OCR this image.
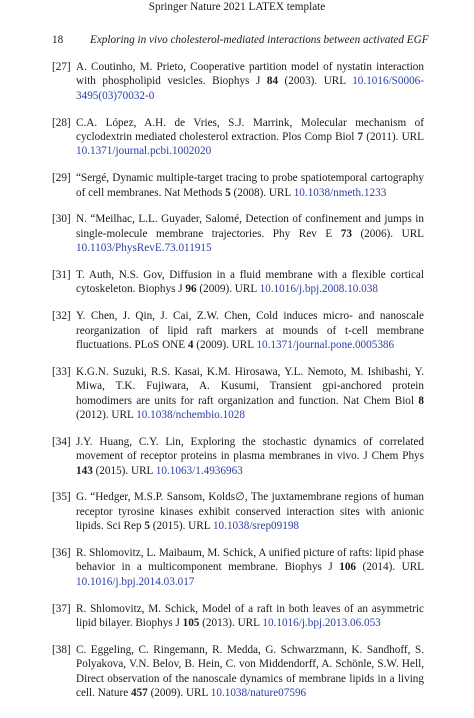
Springer Nature 2021 LATEX template
18 Exploring in vivo cholesterol-mediated interactions between activated EGF
[27] A. Coutinho, M. Prieto, Cooperative partition model of nystatin interaction with phospholipid vesicles. Biophys J 84 (2003). URL 10.1016/S0006-3495(03)70032-0
[28] C.A. López, A.H. de Vries, S.J. Marrink, Molecular mechanism of cyclodextrin mediated cholesterol extraction. Plos Comp Biol 7 (2011). URL 10.1371/journal.pcbi.1002020
[29] “Sergé, Dynamic multiple-target tracing to probe spatiotemporal cartography of cell membranes. Nat Methods 5 (2008). URL 10.1038/nmeth.1233
[30] N. “Meilhac, L.L. Guyader, Salomé, Detection of confinement and jumps in single-molecule membrane trajectories. Phy Rev E 73 (2006). URL 10.1103/PhysRevE.73.011915
[31] T. Auth, N.S. Gov, Diffusion in a fluid membrane with a flexible cortical cytoskeleton. Biophys J 96 (2009). URL 10.1016/j.bpj.2008.10.038
[32] Y. Chen, J. Qin, J. Cai, Z.W. Chen, Cold induces micro- and nanoscale reorganization of lipid raft markers at mounds of t-cell membrane fluctuations. PLoS ONE 4 (2009). URL 10.1371/journal.pone.0005386
[33] K.G.N. Suzuki, R.S. Kasai, K.M. Hirosawa, Y.L. Nemoto, M. Ishibashi, Y. Miwa, T.K. Fujiwara, A. Kusumi, Transient gpi-anchored protein homodimers are units for raft organization and function. Nat Chem Biol 8 (2012). URL 10.1038/nchembio.1028
[34] J.Y. Huang, C.Y. Lin, Exploring the stochastic dynamics of correlated movement of receptor proteins in plasma membranes in vivo. J Chem Phys 143 (2015). URL 10.1063/1.4936963
[35] G. “Hedger, M.S.P. Sansom, Kolds∅, The juxtamembrane regions of human receptor tyrosine kinases exhibit conserved interaction sites with anionic lipids. Sci Rep 5 (2015). URL 10.1038/srep09198
[36] R. Shlomovitz, L. Maibaum, M. Schick, A unified picture of rafts: lipid phase behavior in a multicomponent membrane. Biophys J 106 (2014). URL 10.1016/j.bpj.2014.03.017
[37] R. Shlomovitz, M. Schick, Model of a raft in both leaves of an asymmetric lipid bilayer. Biophys J 105 (2013). URL 10.1016/j.bpj.2013.06.053
[38] C. Eggeling, C. Ringemann, R. Medda, G. Schwarzmann, K. Sandhoff, S. Polyakova, V.N. Belov, B. Hein, C. von Middendorff, A. Schönle, S.W. Hell, Direct observation of the nanoscale dynamics of membrane lipids in a living cell. Nature 457 (2009). URL 10.1038/nature07596
